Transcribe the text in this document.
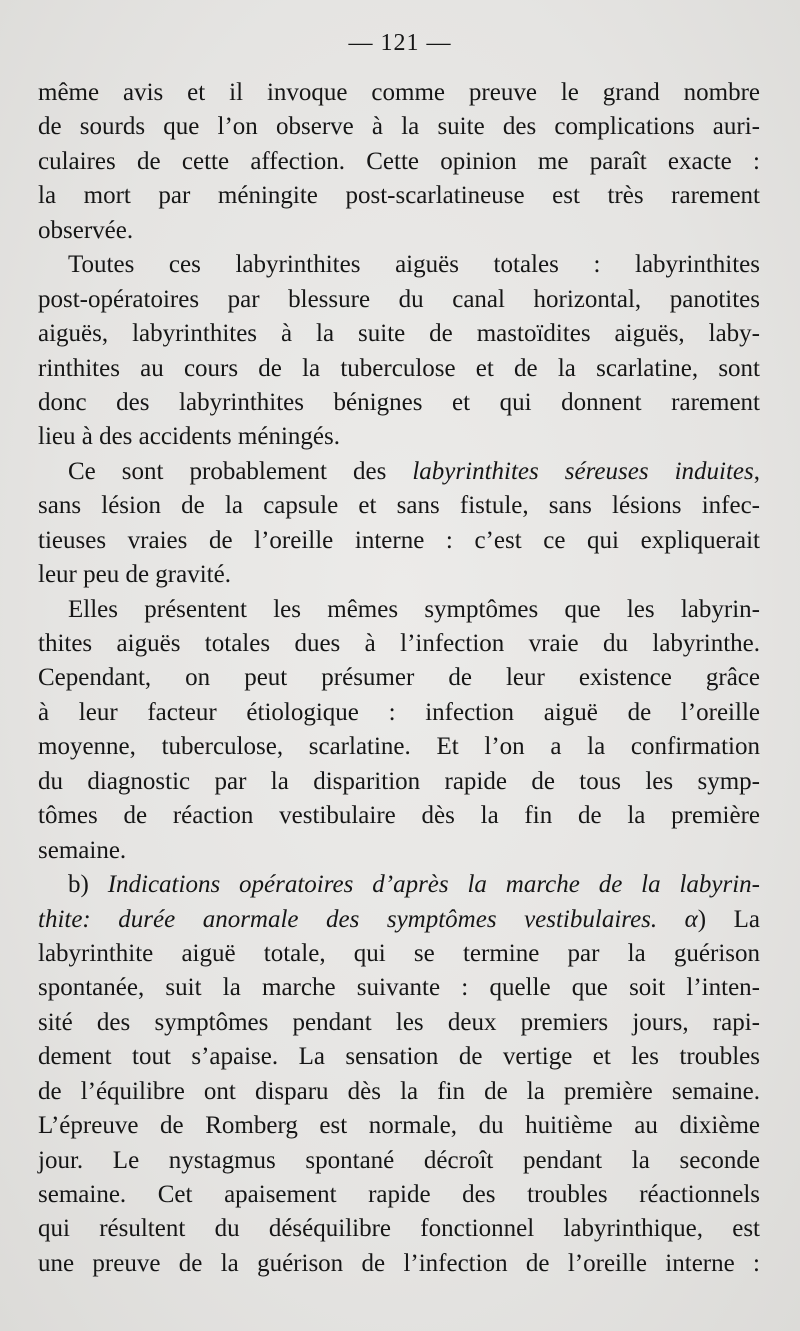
— 121 —
même avis et il invoque comme preuve le grand nombre
de sourds que l’on observe à la suite des complications auri-
culaires de cette affection. Cette opinion me paraît exacte :
la mort par méningite post-scarlatineuse est très rarement
observée.
Toutes ces labyrinthites aiguës totales : labyrinthites
post-opératoires par blessure du canal horizontal, panotites
aiguës, labyrinthites à la suite de mastoïdites aiguës, laby-
rinthites au cours de la tuberculose et de la scarlatine, sont
donc des labyrinthites bénignes et qui donnent rarement
lieu à des accidents méningés.
Ce sont probablement des labyrinthites séreuses induites,
sans lésion de la capsule et sans fistule, sans lésions infec-
tieuses vraies de l’oreille interne : c’est ce qui expliquerait
leur peu de gravité.
Elles présentent les mêmes symptômes que les labyrin-
thites aiguës totales dues à l’infection vraie du labyrinthe.
Cependant, on peut présumer de leur existence grâce
à leur facteur étiologique : infection aiguë de l’oreille
moyenne, tuberculose, scarlatine. Et l’on a la confirmation
du diagnostic par la disparition rapide de tous les symp-
tômes de réaction vestibulaire dès la fin de la première
semaine.
b) Indications opératoires d’après la marche de la labyrin-
thite: durée anormale des symptômes vestibulaires. α) La
labyrinthite aiguë totale, qui se termine par la guérison
spontanée, suit la marche suivante : quelle que soit l’inten-
sité des symptômes pendant les deux premiers jours, rapi-
dement tout s’apaise. La sensation de vertige et les troubles
de l’équilibre ont disparu dès la fin de la première semaine.
L’épreuve de Romberg est normale, du huitième au dixième
jour. Le nystagmus spontané décroît pendant la seconde
semaine. Cet apaisement rapide des troubles réactionnels
qui résultent du déséquilibre fonctionnel labyrinthique, est
une preuve de la guérison de l’infection de l’oreille interne :
